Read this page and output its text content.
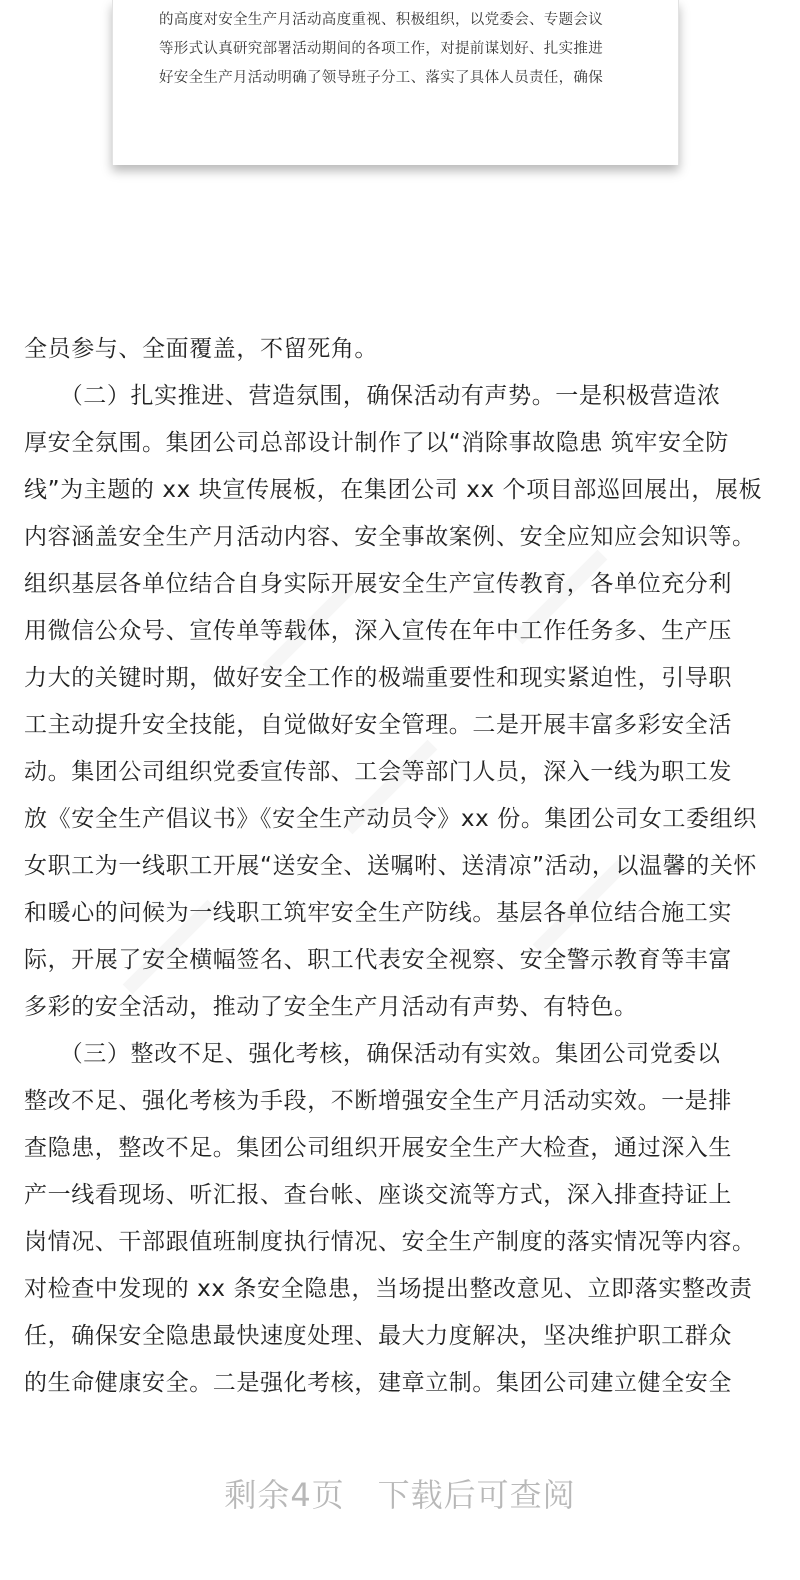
的高度对安全生产月活动高度重视、积极组织，以党委会、专题会议
等形式认真研究部署活动期间的各项工作，对提前谋划好、扎实推进
好安全生产月活动明确了领导班子分工、落实了具体人员责任，确保
全员参与、全面覆盖，不留死角。
　　（二）扎实推进、营造氛围，确保活动有声势。一是积极营造浓
厚安全氛围。集团公司总部设计制作了以“消除事故隐患 筑牢安全防
线”为主题的 xx 块宣传展板，在集团公司 xx 个项目部巡回展出，展板
内容涵盖安全生产月活动内容、安全事故案例、安全应知应会知识等。
组织基层各单位结合自身实际开展安全生产宣传教育，各单位充分利
用微信公众号、宣传单等载体，深入宣传在年中工作任务多、生产压
力大的关键时期，做好安全工作的极端重要性和现实紧迫性，引导职
工主动提升安全技能，自觉做好安全管理。二是开展丰富多彩安全活
动。集团公司组织党委宣传部、工会等部门人员，深入一线为职工发
放《安全生产倡议书》《安全生产动员令》xx 份。集团公司女工委组织
女职工为一线职工开展“送安全、送嘱咐、送清凉”活动，以温馨的关怀
和暖心的问候为一线职工筑牢安全生产防线。基层各单位结合施工实
际，开展了安全横幅签名、职工代表安全视察、安全警示教育等丰富
多彩的安全活动，推动了安全生产月活动有声势、有特色。
　　（三）整改不足、强化考核，确保活动有实效。集团公司党委以
整改不足、强化考核为手段，不断增强安全生产月活动实效。一是排
查隐患，整改不足。集团公司组织开展安全生产大检查，通过深入生
产一线看现场、听汇报、查台帐、座谈交流等方式，深入排查持证上
岗情况、干部跟值班制度执行情况、安全生产制度的落实情况等内容。
对检查中发现的 xx 条安全隐患，当场提出整改意见、立即落实整改责
任，确保安全隐患最快速度处理、最大力度解决，坚决维护职工群众
的生命健康安全。二是强化考核，建章立制。集团公司建立健全安全
剩余4页　下载后可查阅
